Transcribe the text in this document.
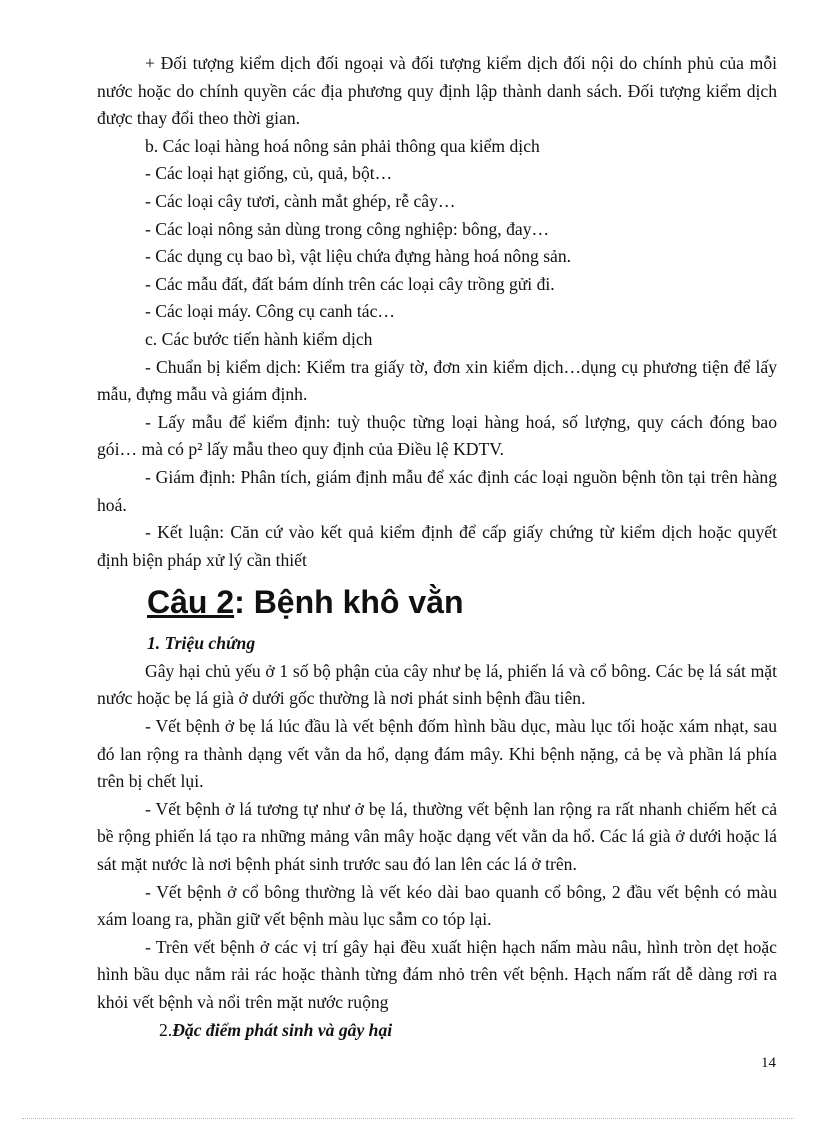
+ Đối tượng kiểm dịch đối ngoại và đối tượng kiểm dịch đối nội do chính phủ của mỗi nước hoặc do chính quyền các địa phương quy định lập thành danh sách. Đối tượng kiểm dịch được thay đổi theo thời gian.

b. Các loại hàng hoá nông sản phải thông qua kiểm dịch

- Các loại hạt giống, củ, quả, bột…

- Các loại cây tươi, cành mắt ghép, rễ cây…

- Các loại nông sản dùng trong công nghiệp: bông, đay…

- Các dụng cụ bao bì, vật liệu chứa đựng hàng hoá nông sản.

- Các mẫu đất, đất bám dính trên các loại cây trồng gửi đi.

- Các loại máy. Công cụ canh tác…

c. Các bước tiến hành kiểm dịch

- Chuẩn bị kiểm dịch: Kiểm tra giấy tờ, đơn xin kiểm dịch…dụng cụ phương tiện để lấy mẫu, đựng mẫu và giám định.

- Lấy mẫu để kiểm định: tuỳ thuộc từng loại hàng hoá, số lượng, quy cách đóng bao gói… mà có p² lấy mẫu theo quy định của Điều lệ KDTV.

- Giám định: Phân tích, giám định mẫu để xác định các loại nguồn bệnh tồn tại trên hàng hoá.

- Kết luận: Căn cứ vào kết quả kiểm định để cấp giấy chứng từ kiểm dịch hoặc quyết định biện pháp xử lý cần thiết

Câu 2: Bệnh khô vằn

1. Triệu chứng

Gây hại chủ yếu ở 1 số bộ phận của cây như bẹ lá, phiến lá và cổ bông. Các bẹ lá sát mặt nước hoặc bẹ lá già ở dưới gốc thường là nơi phát sinh bệnh đầu tiên.

- Vết bệnh ở bẹ lá lúc đầu là vết bệnh đốm hình bầu dục, màu lục tối hoặc xám nhạt, sau đó lan rộng ra thành dạng vết vằn da hổ, dạng đám mây. Khi bệnh nặng, cả bẹ và phần lá phía trên bị chết lụi.

- Vết bệnh ở lá tương tự như ở bẹ lá, thường vết bệnh lan rộng ra rất nhanh chiếm hết cả bề rộng phiến lá tạo ra những mảng vân mây hoặc dạng vết vằn da hổ. Các lá già ở dưới hoặc lá sát mặt nước là nơi bệnh phát sinh trước sau đó lan lên các lá ở trên.

- Vết bệnh ở cổ bông thường là vết kéo dài bao quanh cổ bông, 2 đầu vết bệnh có màu xám loang ra, phần giữ vết bệnh màu lục sẫm co tóp lại.

- Trên vết bệnh ở các vị trí gây hại đều xuất hiện hạch nấm màu nâu, hình tròn dẹt hoặc hình bầu dục nằm rải rác hoặc thành từng đám nhỏ trên vết bệnh. Hạch nấm rất dễ dàng rơi ra khỏi vết bệnh và nổi trên mặt nước ruộng

2.Đặc điểm phát sinh và gây hại

14
